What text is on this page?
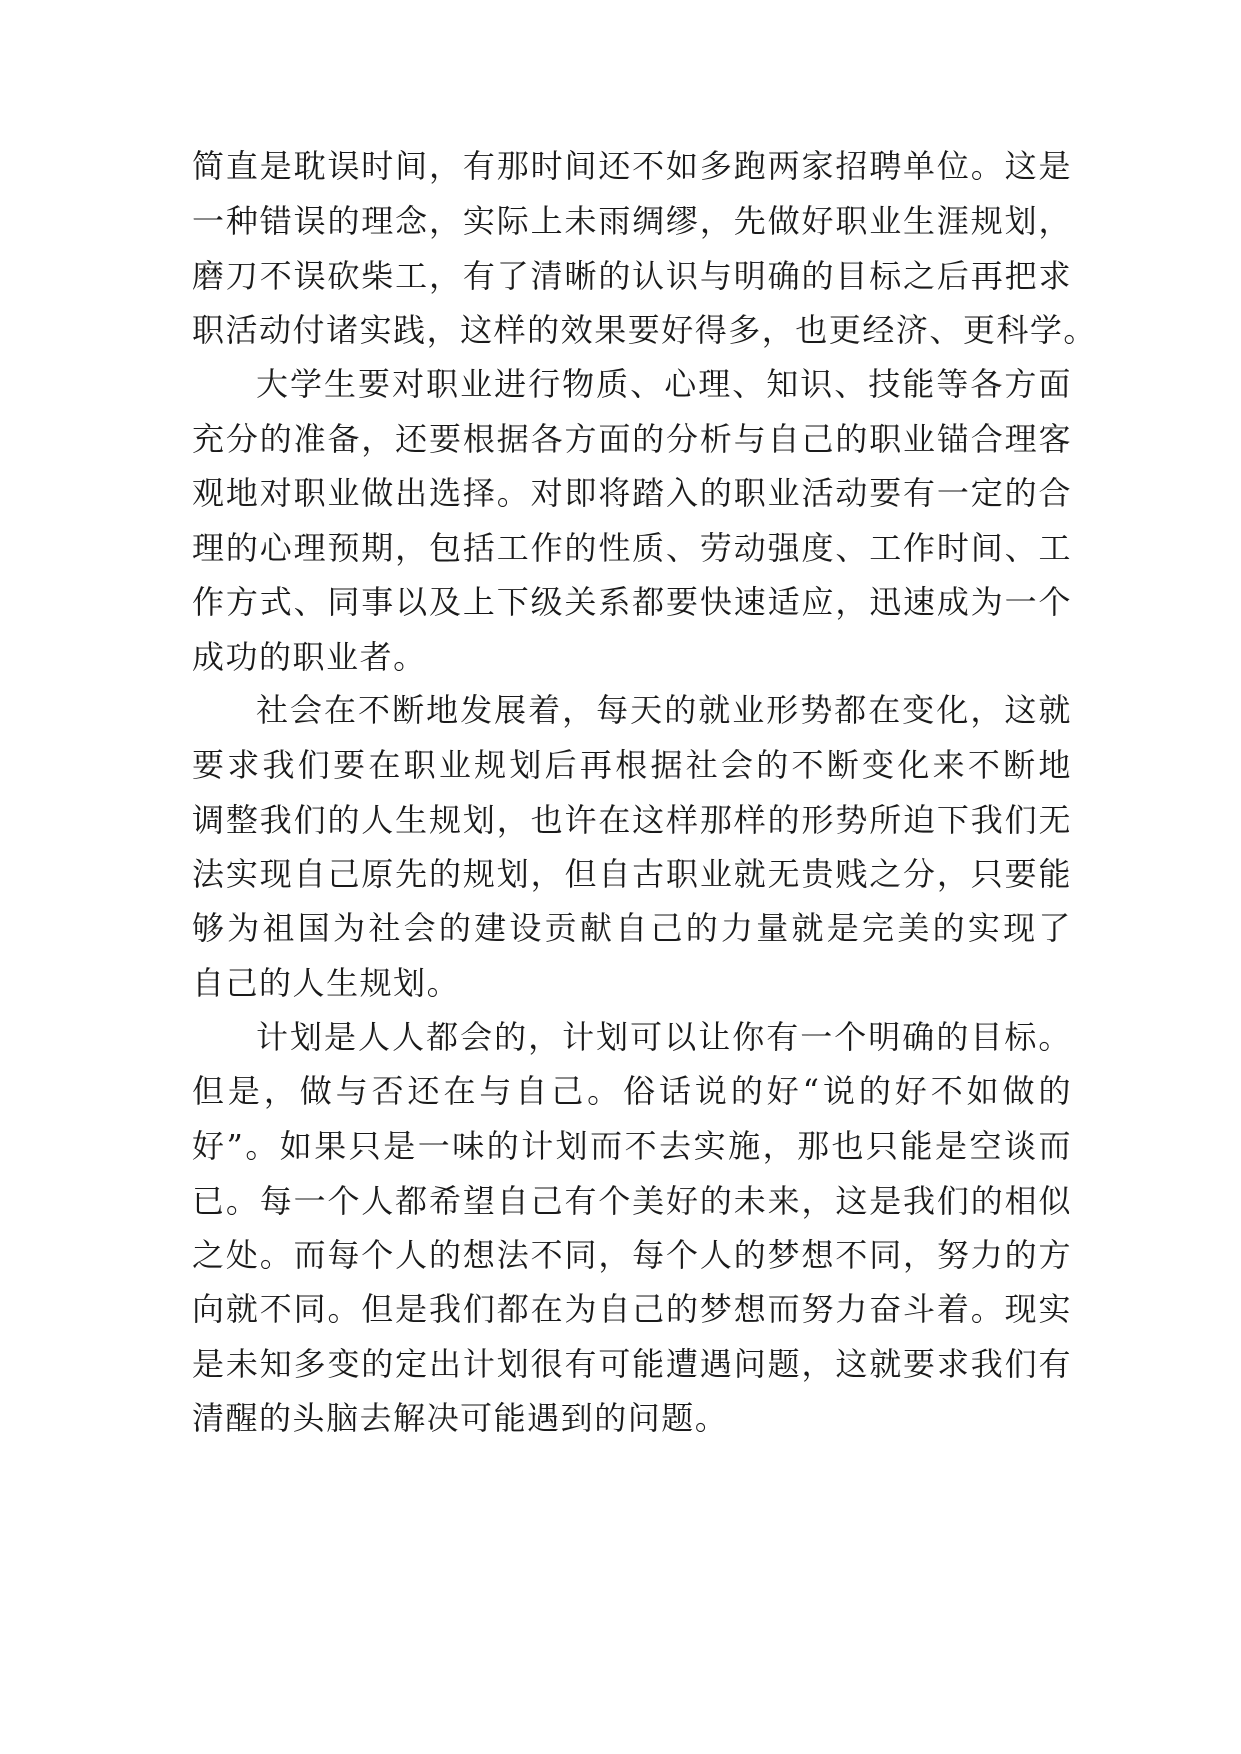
简 直 是 耽 误 时 间 ， 有 那 时 间 还 不 如 多 跑 两 家 招 聘 单 位 。 这 是
一 种 错 误 的 理 念 ， 实 际 上 未 雨 绸 缪 ， 先 做 好 职 业 生 涯 规 划 ，
磨 刀 不 误 砍 柴 工 ， 有 了 清 晰 的 认 识 与 明 确 的 目 标 之 后 再 把 求
职 活 动 付 诸 实 践 ， 这 样 的 效 果 要 好 得 多 ， 也 更 经 济 、 更 科 学 。
大 学 生 要 对 职 业 进 行 物 质 、 心 理 、 知 识 、 技 能 等 各 方 面
充 分 的 准 备 ， 还 要 根 据 各 方 面 的 分 析 与 自 己 的 职 业 锚 合 理 客
观 地 对 职 业 做 出 选 择 。 对 即 将 踏 入 的 职 业 活 动 要 有 一 定 的 合
理 的 心 理 预 期 ， 包 括 工 作 的 性 质 、 劳 动 强 度 、 工 作 时 间 、 工
作 方 式 、 同 事 以 及 上 下 级 关 系 都 要 快 速 适 应 ， 迅 速 成 为 一 个
成 功 的 职 业 者 。
社 会 在 不 断 地 发 展 着 ， 每 天 的 就 业 形 势 都 在 变 化 ， 这 就
要 求 我 们 要 在 职 业 规 划 后 再 根 据 社 会 的 不 断 变 化 来 不 断 地
调 整 我 们 的 人 生 规 划 ， 也 许 在 这 样 那 样 的 形 势 所 迫 下 我 们 无
法 实 现 自 己 原 先 的 规 划 ， 但 自 古 职 业 就 无 贵 贱 之 分 ， 只 要 能
够 为 祖 国 为 社 会 的 建 设 贡 献 自 己 的 力 量 就 是 完 美 的 实 现 了
自 己 的 人 生 规 划 。
计 划 是 人 人 都 会 的 ， 计 划 可 以 让 你 有 一 个 明 确 的 目 标 。
但 是 ， 做 与 否 还 在 与 自 己 。 俗 话 说 的 好 “ 说 的 好 不 如 做 的
好 ” 。 如 果 只 是 一 味 的 计 划 而 不 去 实 施 ， 那 也 只 能 是 空 谈 而
已 。 每 一 个 人 都 希 望 自 己 有 个 美 好 的 未 来 ， 这 是 我 们 的 相 似
之 处 。 而 每 个 人 的 想 法 不 同 ， 每 个 人 的 梦 想 不 同 ， 努 力 的 方
向 就 不 同 。 但 是 我 们 都 在 为 自 己 的 梦 想 而 努 力 奋 斗 着 。 现 实
是 未 知 多 变 的 定 出 计 划 很 有 可 能 遭 遇 问 题 ， 这 就 要 求 我 们 有
清 醒 的 头 脑 去 解 决 可 能 遇 到 的 问 题 。
